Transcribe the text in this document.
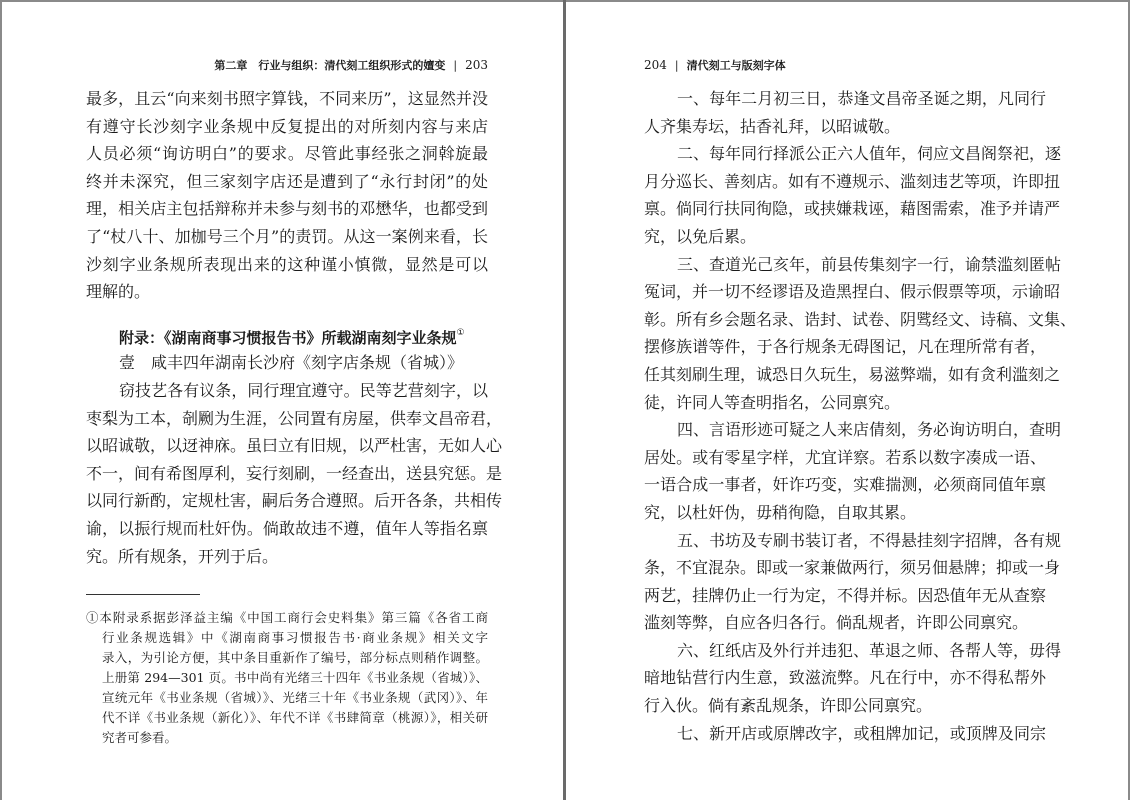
第二章　行业与组织：清代刻工组织形式的嬗变 | 203
最多，且云“向来刻书照字算钱，不同来历”，这显然并没
有遵守长沙刻字业条规中反复提出的对所刻内容与来店
人员必须“询访明白”的要求。尽管此事经张之洞斡旋最
终并未深究，但三家刻字店还是遭到了“永行封闭”的处
理，相关店主包括辩称并未参与刻书的邓懋华，也都受到
了“杖八十、加枷号三个月”的责罚。从这一案例来看，长
沙刻字业条规所表现出来的这种谨小慎微，显然是可以
理解的。
附录：《湖南商事习惯报告书》所载湖南刻字业条规①
壹　咸丰四年湖南长沙府《刻字店条规（省城）》
窃技艺各有议条，同行理宜遵守。民等艺营刻字，以
枣梨为工本，剞劂为生涯，公同置有房屋，供奉文昌帝君，
以昭诚敬，以迓神庥。虽曰立有旧规，以严杜害，无如人心
不一，间有希图厚利，妄行刻刷，一经查出，送县究惩。是
以同行新酌，定规杜害，嗣后务合遵照。后开各条，共相传
谕，以振行规而杜奸伪。倘敢故违不遵，值年人等指名禀
究。所有规条，开列于后。
①本附录系据彭泽益主编《中国工商行会史料集》第三篇《各省工商
行业条规选辑》中《湖南商事习惯报告书·商业条规》相关文字
录入，为引论方便，其中条目重新作了编号，部分标点则稍作调整。
上册第 294—301 页。书中尚有光绪三十四年《书业条规（省城）》、
宣统元年《书业条规（省城）》、光绪三十年《书业条规（武冈）》、年
代不详《书业条规（新化）》、年代不详《书肆简章（桃源）》，相关研
究者可参看。
204 | 清代刻工与版刻字体
一、每年二月初三日，恭逢文昌帝圣诞之期，凡同行
人齐集寿坛，拈香礼拜，以昭诚敬。
二、每年同行择派公正六人值年，伺应文昌阁祭祀，逐
月分巡长、善刻店。如有不遵规示、滥刻违艺等项，许即扭
禀。倘同行扶同徇隐，或挟嫌栽诬，藉图需索，准予并请严
究，以免后累。
三、查道光己亥年，前县传集刻字一行，谕禁滥刻匿帖
冤词，并一切不经谬语及造黑捏白、假示假票等项，示谕昭
彰。所有乡会题名录、诰封、试卷、阴骘经文、诗稿、文集、
摆修族谱等件，于各行规条无碍图记，凡在理所常有者，
任其刻刷生理，诚恐日久玩生，易滋弊端，如有贪利滥刻之
徒，许同人等查明指名，公同禀究。
四、言语形迹可疑之人来店倩刻，务必询访明白，查明
居处。或有零星字样，尤宜详察。若系以数字凑成一语、
一语合成一事者，奸诈巧变，实难揣测，必须商同值年禀
究，以杜奸伪，毋稍徇隐，自取其累。
五、书坊及专刷书装订者，不得悬挂刻字招牌，各有规
条，不宜混杂。即或一家兼做两行，须另佃悬牌；抑或一身
两艺，挂牌仍止一行为定，不得并标。因恐值年无从查察
滥刻等弊，自应各归各行。倘乱规者，许即公同禀究。
六、红纸店及外行并违犯、革退之师、各帮人等，毋得
暗地钻营行内生意，致滋流弊。凡在行中，亦不得私帮外
行入伙。倘有紊乱规条，许即公同禀究。
七、新开店或原牌改字，或租牌加记，或顶牌及同宗
